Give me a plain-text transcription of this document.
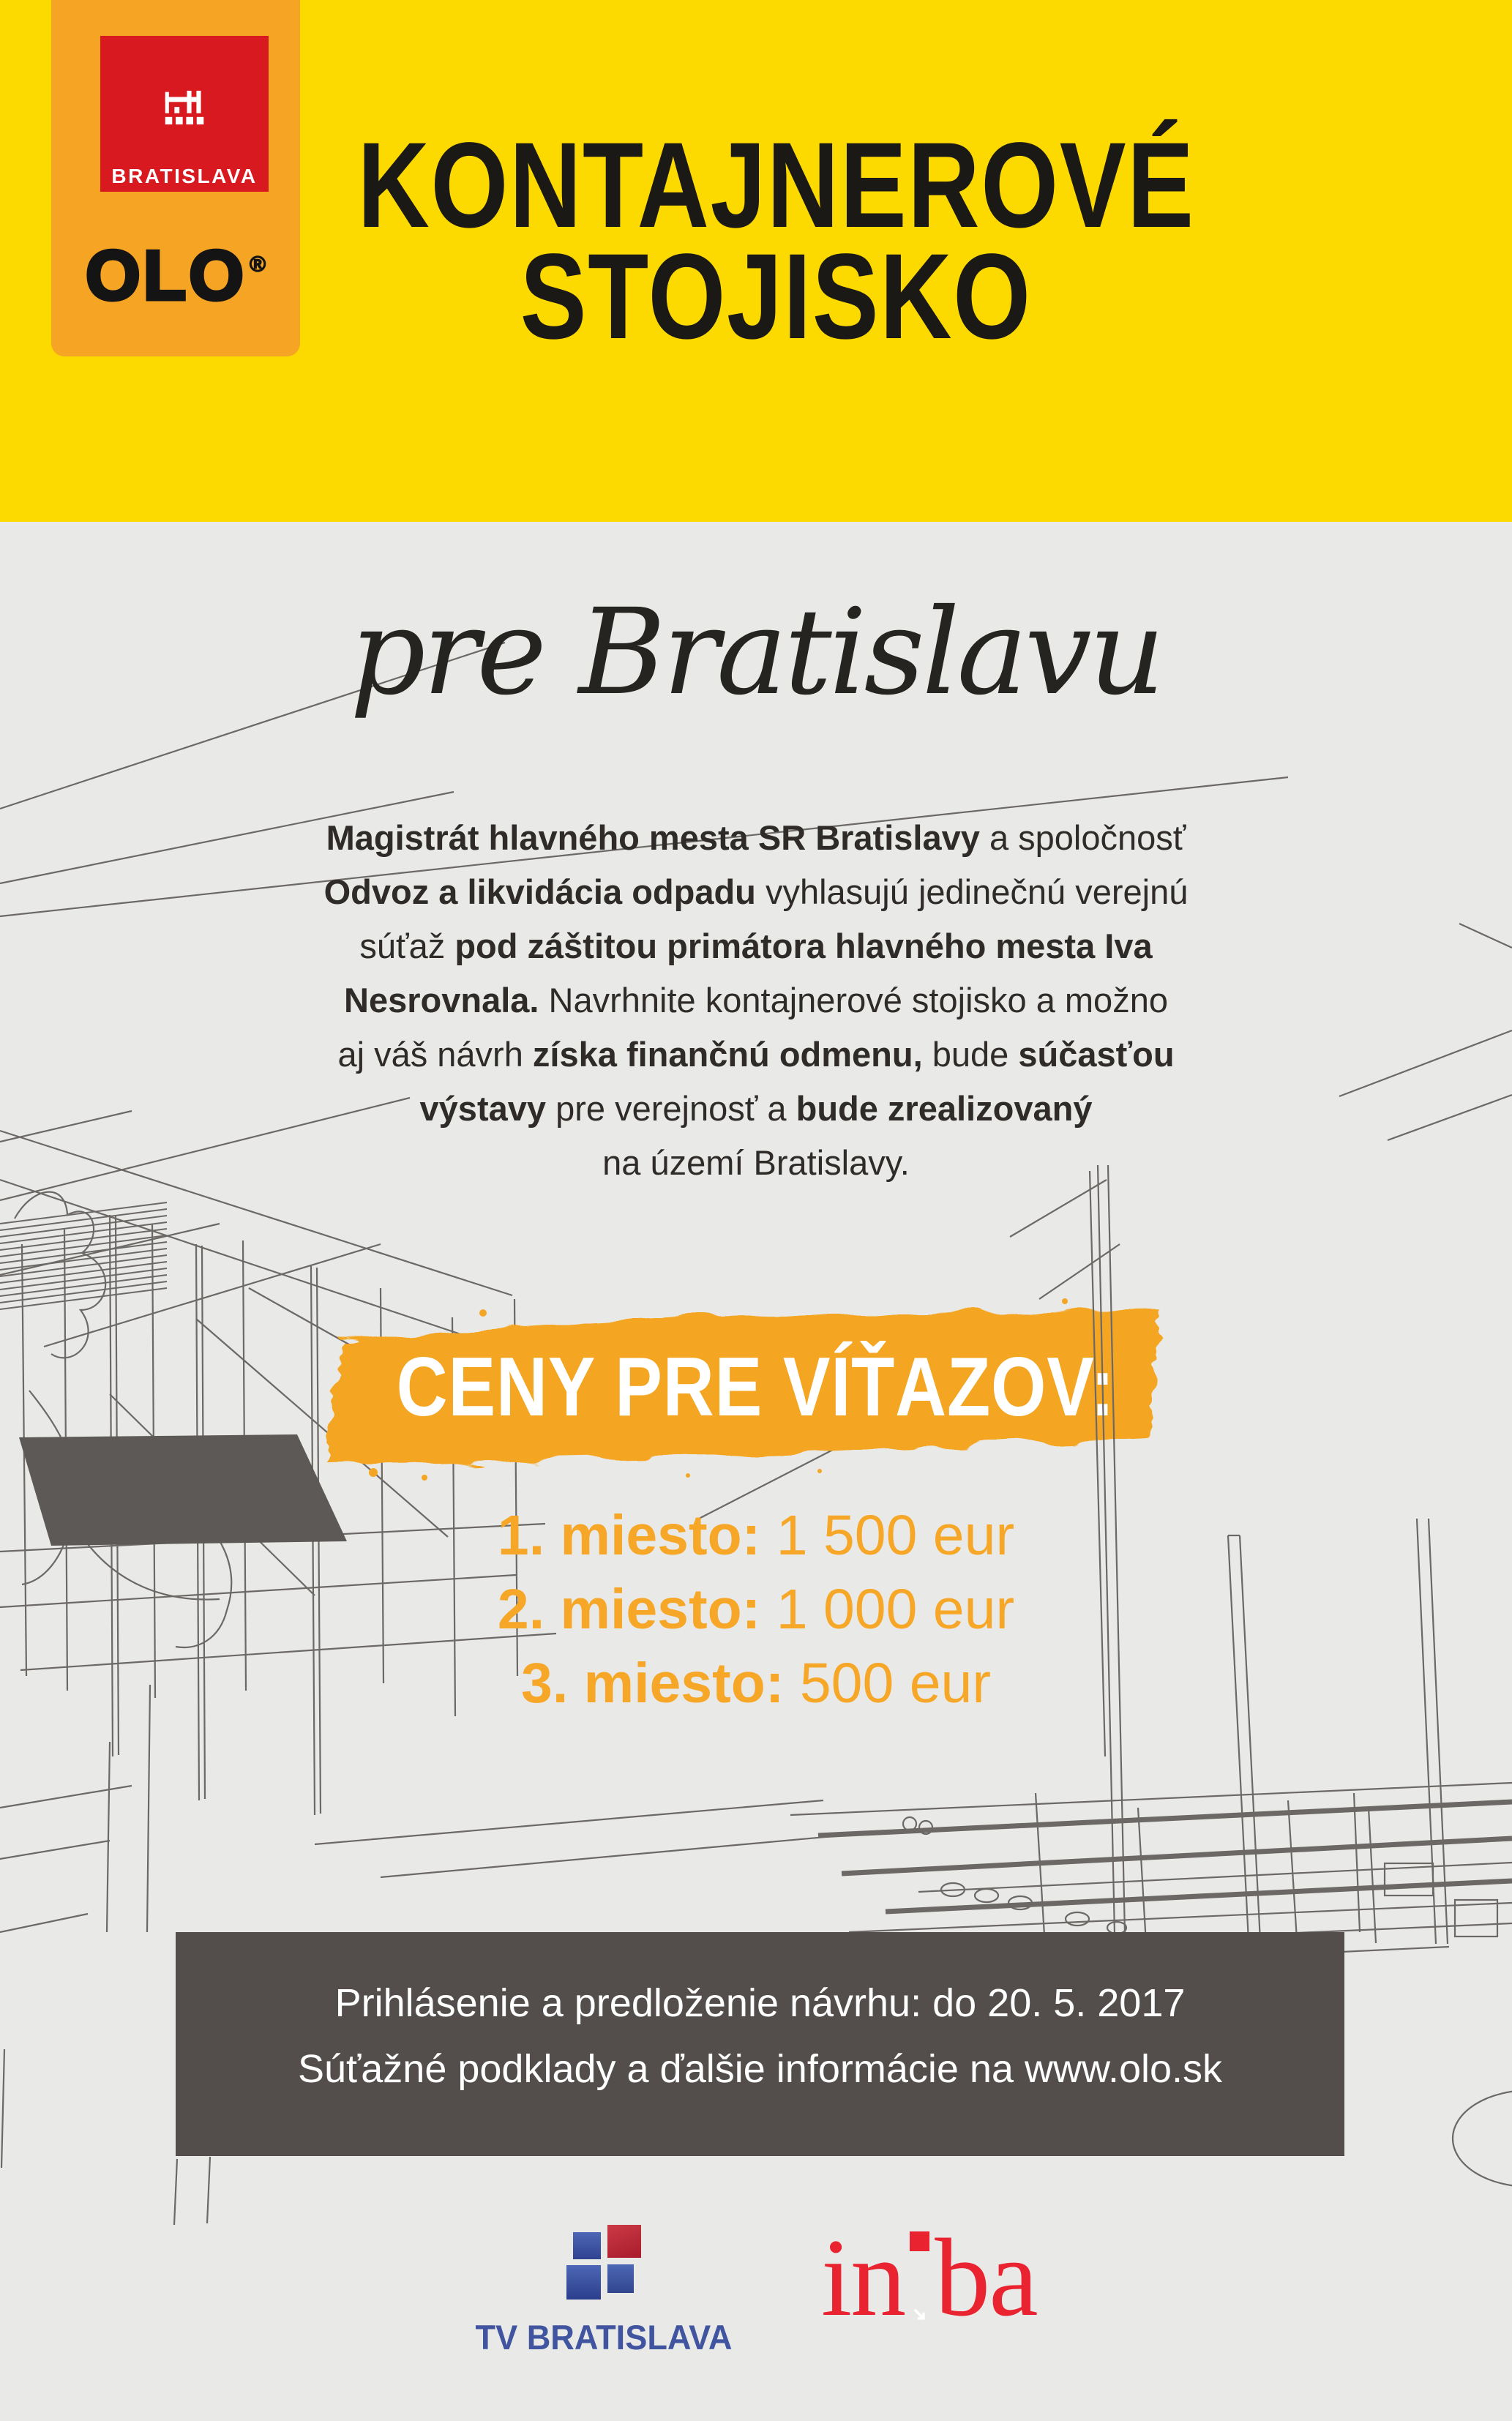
BRATISLAVA
OLO ®
KONTAJNEROVÉ
STOJISKO
pre Bratislavu
Magistrát hlavného mesta SR Bratislavy a spoločnosť
Odvoz a likvidácia odpadu vyhlasujú jedinečnú verejnú
súťaž pod záštitou primátora hlavného mesta Iva
Nesrovnala. Navrhnite kontajnerové stojisko a možno
aj váš návrh získa finančnú odmenu, bude súčasťou
výstavy pre verejnosť a bude zrealizovaný
na území Bratislavy.
CENY PRE VÍŤAZOV:
1. miesto: 1 500 eur
2. miesto: 1 000 eur
3. miesto: 500 eur
Prihlásenie a predloženie návrhu: do 20. 5. 2017
Súťažné podklady a ďalšie informácie na www.olo.sk
TV BRATISLAVA in ba
